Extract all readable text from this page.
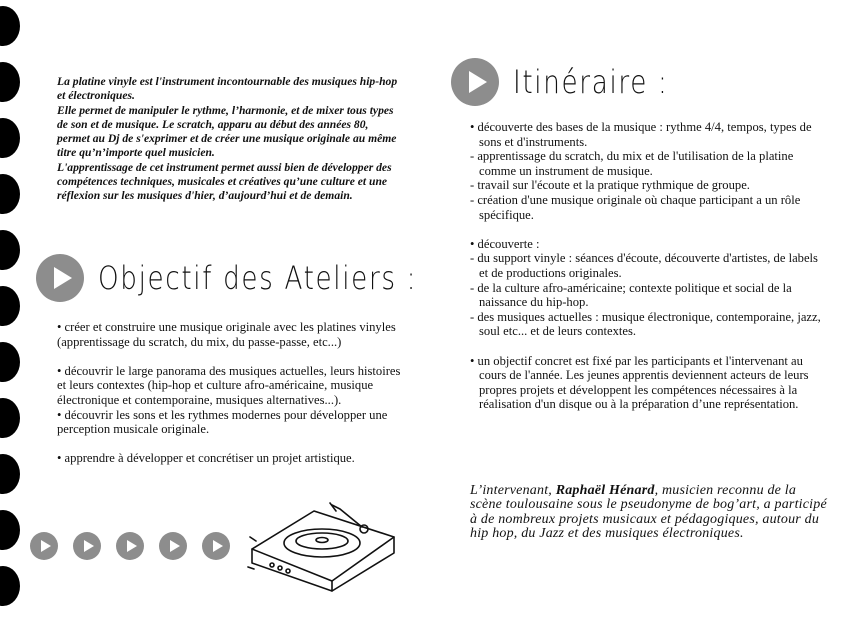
La platine vinyle est l'instrument incontournable des musiques hip-hop et électroniques.

Elle permet de manipuler le rythme, l’harmonie, et de mixer tous types de son et de musique. Le scratch, apparu au début des années 80, permet au Dj de s'exprimer et de créer une musique originale au même titre qu’n’importe quel musicien.

L'apprentissage de cet instrument permet aussi bien de développer des compétences techniques, musicales et créatives qu’une culture et une réflexion sur les musiques d'hier, d’aujourd’hui et de demain.

Objectif des Ateliers :
• créer et construire une musique originale avec les platines vinyles (apprentissage du scratch, du mix, du passe-passe, etc...)
• découvrir le large panorama des musiques actuelles, leurs histoires et leurs contextes (hip-hop et culture afro-américaine, musique électronique et contemporaine, musiques alternatives...).
• découvrir les sons et les rythmes modernes pour développer une perception musicale originale.
• apprendre à développer et concrétiser un projet artistique.
Itinéraire :
• découverte des bases de la musique : rythme 4/4, tempos, types de sons et d'instruments.
- apprentissage du scratch, du mix et de l'utilisation de la platine comme un instrument de musique.
- travail sur l'écoute et la pratique rythmique de groupe.
- création d'une musique originale où chaque participant a un rôle spécifique.
• découverte :
- du support vinyle : séances d'écoute, découverte d'artistes, de labels et de productions originales.
- de la culture afro-américaine; contexte politique et social de la naissance du hip-hop.
- des musiques actuelles : musique électronique, contemporaine, jazz, soul etc... et de leurs contextes.
• un objectif concret est fixé par les participants et l'intervenant au cours de l'année. Les jeunes apprentis deviennent acteurs de leurs propres projets et développent les compétences nécessaires à la réalisation d'un disque ou à la préparation d’une représentation.
L’intervenant, Raphaël Hénard, musicien reconnu de la scène toulousaine sous le pseudonyme de bog’art, a participé à de nombreux projets musicaux et pédagogiques, autour du hip hop, du Jazz et des musiques électroniques.
